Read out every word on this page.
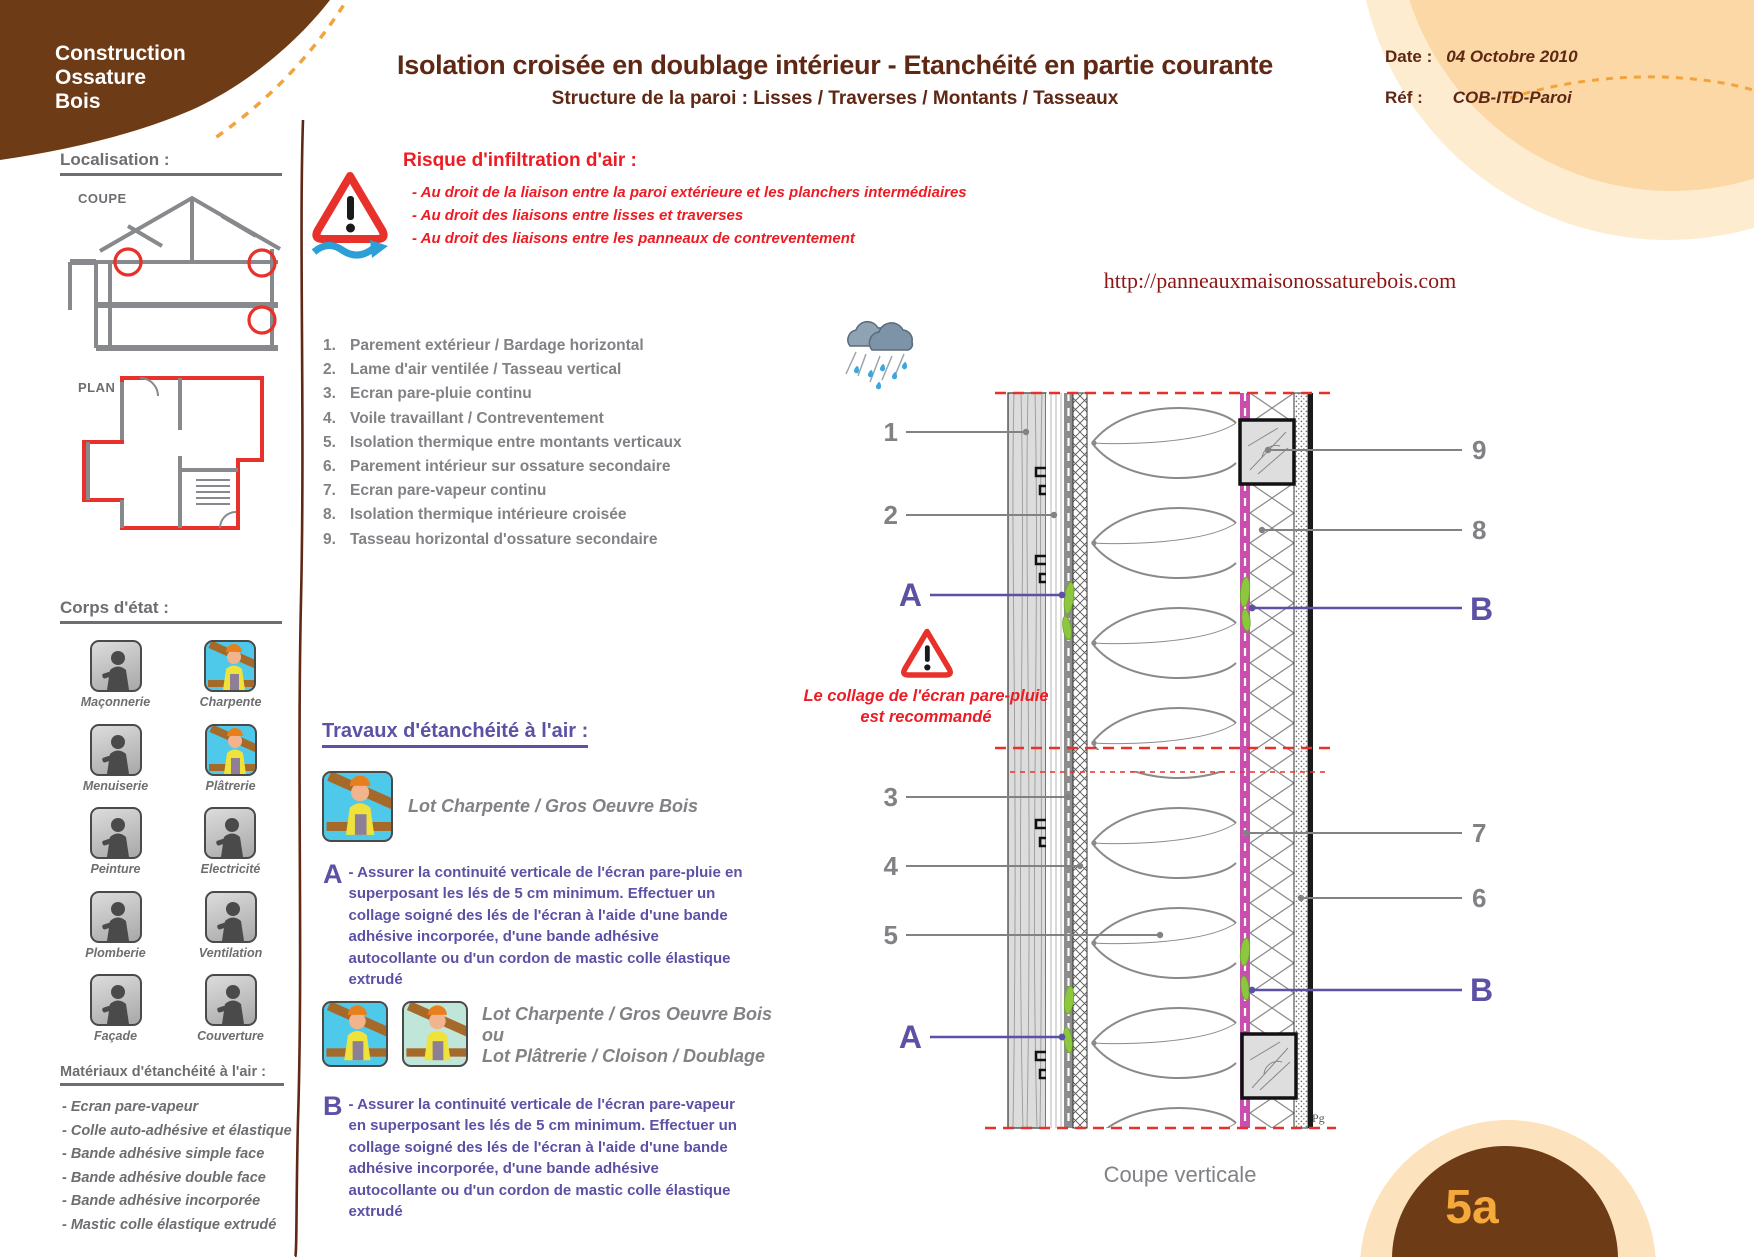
Construction
Ossature
Bois
Isolation croisée en doublage intérieur - Etanchéité en partie courante
Structure de la paroi : Lisses / Traverses / Montants / Tasseaux
Date : 04 Octobre 2010
Réf : COB-ITD-Paroi
Localisation :
COUPE
PLAN
Corps d'état :
Maçonnerie	Charpente
Menuiserie	Plâtrerie
Peinture	Electricité
Plomberie	Ventilation
Façade	Couverture
Matériaux d'étanchéité à l'air :
- Ecran pare-vapeur
- Colle auto-adhésive et élastique
- Bande adhésive simple face
- Bande adhésive double face
- Bande adhésive incorporée
- Mastic colle élastique extrudé
Risque d'infiltration d'air :
- Au droit de la liaison entre la paroi extérieure et les planchers intermédiaires
- Au droit des liaisons entre lisses et traverses
- Au droit des liaisons entre les panneaux de contreventement
1. Parement extérieur / Bardage horizontal
2. Lame d'air ventilée / Tasseau vertical
3. Ecran pare-pluie continu
4. Voile travaillant / Contreventement
5. Isolation thermique entre montants verticaux
6. Parement intérieur sur ossature secondaire
7. Ecran pare-vapeur continu
8. Isolation thermique intérieure croisée
9. Tasseau horizontal d'ossature secondaire
Travaux d'étanchéité à l'air :
Lot Charpente / Gros Oeuvre Bois
A - Assurer la continuité verticale de l'écran pare-pluie en superposant les lés de 5 cm minimum. Effectuer un collage soigné des lés de l'écran à l'aide d'une bande adhésive incorporée, d'une bande adhésive autocollante ou d'un cordon de mastic colle élastique extrudé

Lot Charpente / Gros Oeuvre Bois
ou
Lot Plâtrerie / Cloison / Doublage
B - Assurer la continuité verticale de l'écran pare-vapeur en superposant les lés de 5 cm minimum. Effectuer un collage soigné des lés de l'écran à l'aide d'une bande adhésive incorporée, d'une bande adhésive autocollante ou d'un cordon de mastic colle élastique extrudé

http://panneauxmaisonossaturebois.com
1
2
3
4
5
9
8
7
6
A
A
B
B
Pg
Le collage de l'écran pare-pluie
est recommandé
Coupe verticale
5a
